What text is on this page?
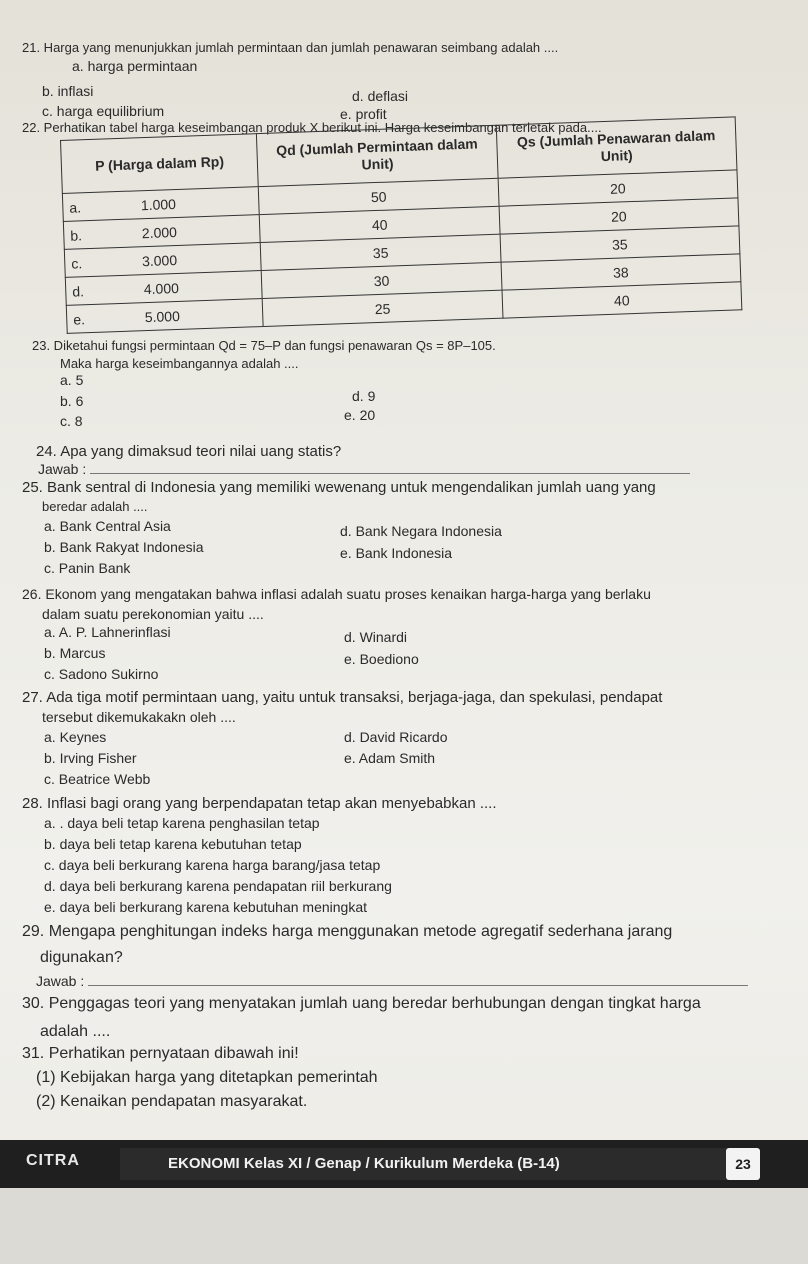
21. Harga yang menunjukkan jumlah permintaan dan jumlah penawaran seimbang adalah ....
a. harga permintaan
b. inflasi
c. harga equilibrium
d. deflasi
e. profit
22. Perhatikan tabel harga keseimbangan produk X berikut ini. Harga keseimbangan terletak pada....
P (Harga dalam Rp)	Qd (Jumlah Permintaan dalam Unit)	Qs (Jumlah Penawaran dalam Unit)
a. 1.000	50	20
b. 2.000	40	20
c. 3.000	35	35
d. 4.000	30	38
e. 5.000	25	40
23. Diketahui fungsi permintaan Qd = 75–P dan fungsi penawaran Qs = 8P–105.
Maka harga keseimbangannya adalah ....
a. 5
b. 6
c. 8
d. 9
e. 20
24. Apa yang dimaksud teori nilai uang statis?
Jawab :
25. Bank sentral di Indonesia yang memiliki wewenang untuk mengendalikan jumlah uang yang
beredar adalah ....
a. Bank Central Asia
b. Bank Rakyat Indonesia
c. Panin Bank
d. Bank Negara Indonesia
e. Bank Indonesia
26. Ekonom yang mengatakan bahwa inflasi adalah suatu proses kenaikan harga-harga yang berlaku
dalam suatu perekonomian yaitu ....
a. A. P. Lahnerinflasi
b. Marcus
c. Sadono Sukirno
d. Winardi
e. Boediono
27. Ada tiga motif permintaan uang, yaitu untuk transaksi, berjaga-jaga, dan spekulasi, pendapat
tersebut dikemukakakn oleh ....
a. Keynes
b. Irving Fisher
c. Beatrice Webb
d. David Ricardo
e. Adam Smith
28. Inflasi bagi orang yang berpendapatan tetap akan menyebabkan ....
a. . daya beli tetap karena penghasilan tetap
b. daya beli tetap karena kebutuhan tetap
c. daya beli berkurang karena harga barang/jasa tetap
d. daya beli berkurang karena pendapatan riil berkurang
e. daya beli berkurang karena kebutuhan meningkat
29. Mengapa penghitungan indeks harga menggunakan metode agregatif sederhana jarang
digunakan?
Jawab :
30. Penggagas teori yang menyatakan jumlah uang beredar berhubungan dengan tingkat harga
adalah ....
31. Perhatikan pernyataan dibawah ini!
(1) Kebijakan harga yang ditetapkan pemerintah
(2) Kenaikan pendapatan masyarakat.
CITRA	EKONOMI Kelas XI / Genap / Kurikulum Merdeka (B-14)	23
